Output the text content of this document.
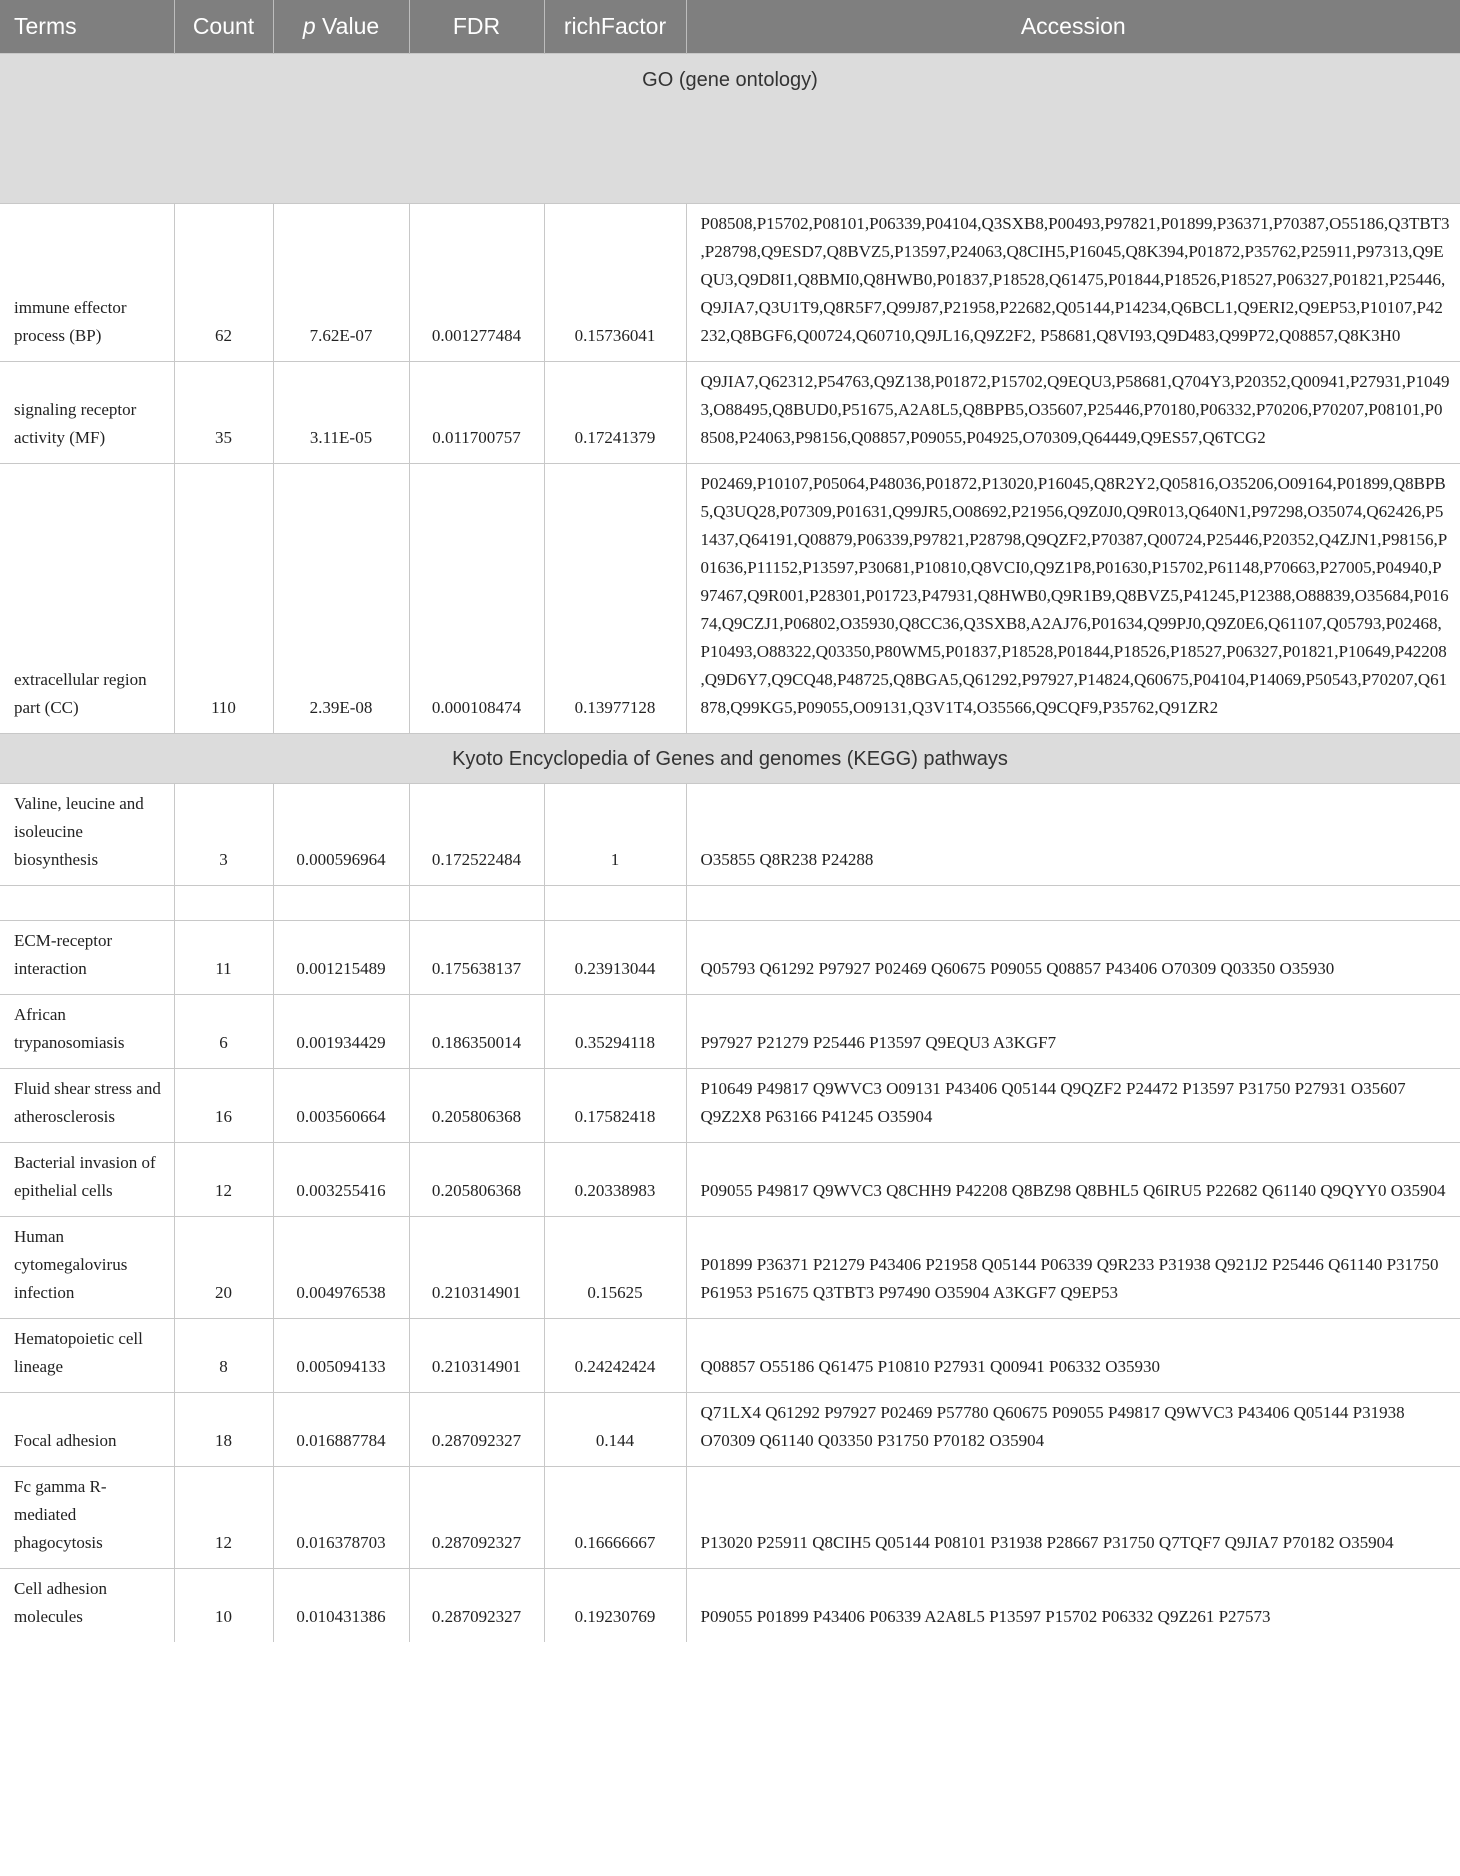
Terms	Count	p Value	FDR	richFactor	Accession
GO (gene ontology)					
immune effector process (BP)	62	7.62E-07	0.001277484	0.15736041	P08508,P15702,P08101,P06339,P04104,Q3SXB8,P00493,P97821,P01899,P36371,P70387,O55186,Q3TBT3,P28798,Q9ESD7,Q8BVZ5,P13597,P24063,Q8CIH5,P16045,Q8K394,P01872,P35762,P25911,P97313,Q9EQU3,Q9D8I1,Q8BMI0,Q8HWB0,P01837,P18528,Q61475,P01844,P18526,P18527,P06327,P01821,P25446,Q9JIA7,Q3U1T9,Q8R5F7,Q99J87,P21958,P22682,Q05144,P14234,Q6BCL1,Q9ERI2,Q9EP53,P10107,P42232,Q8BGF6,Q00724,Q60710,Q9JL16,Q9Z2F2, P58681,Q8VI93,Q9D483,Q99P72,Q08857,Q8K3H0
signaling receptor activity (MF)	35	3.11E-05	0.011700757	0.17241379	Q9JIA7,Q62312,P54763,Q9Z138,P01872,P15702,Q9EQU3,P58681,Q704Y3,P20352,Q00941,P27931,P10493,O88495,Q8BUD0,P51675,A2A8L5,Q8BPB5,O35607,P25446,P70180,P06332,P70206,P70207,P08101,P08508,P24063,P98156,Q08857,P09055,P04925,O70309,Q64449,Q9ES57,Q6TCG2
extracellular region part (CC)	110	2.39E-08	0.000108474	0.13977128	P02469,P10107,P05064,P48036,P01872,P13020,P16045,Q8R2Y2,Q05816,O35206,O09164,P01899,Q8BPB5,Q3UQ28,P07309,P01631,Q99JR5,O08692,P21956,Q9Z0J0,Q9R013,Q640N1,P97298,O35074,Q62426,P51437,Q64191,Q08879,P06339,P97821,P28798,Q9QZF2,P70387,Q00724,P25446,P20352,Q4ZJN1,P98156,P01636,P11152,P13597,P30681,P10810,Q8VCI0,Q9Z1P8,P01630,P15702,P61148,P70663,P27005,P04940,P97467,Q9R001,P28301,P01723,P47931,Q8HWB0,Q9R1B9,Q8BVZ5,P41245,P12388,O88839,O35684,P01674,Q9CZJ1,P06802,O35930,Q8CC36,Q3SXB8,A2AJ76,P01634,Q99PJ0,Q9Z0E6,Q61107,Q05793,P02468,P10493,O88322,Q03350,P80WM5,P01837,P18528,P01844,P18526,P18527,P06327,P01821,P10649,P42208,Q9D6Y7,Q9CQ48,P48725,Q8BGA5,Q61292,P97927,P14824,Q60675,P04104,P14069,P50543,P70207,Q61878,Q99KG5,P09055,O09131,Q3V1T4,O35566,Q9CQF9,P35762,Q91ZR2
Kyoto Encyclopedia of Genes and genomes (KEGG) pathways					
Valine, leucine and isoleucine biosynthesis	3	0.000596964	0.172522484	1	O35855 Q8R238 P24288

ECM-receptor interaction	11	0.001215489	0.175638137	0.23913044	Q05793 Q61292 P97927 P02469 Q60675 P09055 Q08857 P43406 O70309 Q03350 O35930
African trypanosomiasis	6	0.001934429	0.186350014	0.35294118	P97927 P21279 P25446 P13597 Q9EQU3 A3KGF7
Fluid shear stress and atherosclerosis	16	0.003560664	0.205806368	0.17582418	P10649 P49817 Q9WVC3 O09131 P43406 Q05144 Q9QZF2 P24472 P13597 P31750 P27931 O35607 Q9Z2X8 P63166 P41245 O35904
Bacterial invasion of epithelial cells	12	0.003255416	0.205806368	0.20338983	P09055 P49817 Q9WVC3 Q8CHH9 P42208 Q8BZ98 Q8BHL5 Q6IRU5 P22682 Q61140 Q9QYY0 O35904
Human cytomegalovirus infection	20	0.004976538	0.210314901	0.15625	P01899 P36371 P21279 P43406 P21958 Q05144 P06339 Q9R233 P31938 Q921J2 P25446 Q61140 P31750 P61953 P51675 Q3TBT3 P97490 O35904 A3KGF7 Q9EP53
Hematopoietic cell lineage	8	0.005094133	0.210314901	0.24242424	Q08857 O55186 Q61475 P10810 P27931 Q00941 P06332 O35930
Focal adhesion	18	0.016887784	0.287092327	0.144	Q71LX4 Q61292 P97927 P02469 P57780 Q60675 P09055 P49817 Q9WVC3 P43406 Q05144 P31938 O70309 Q61140 Q03350 P31750 P70182 O35904
Fc gamma R-mediated phagocytosis	12	0.016378703	0.287092327	0.16666667	P13020 P25911 Q8CIH5 Q05144 P08101 P31938 P28667 P31750 Q7TQF7 Q9JIA7 P70182 O35904
Cell adhesion molecules	10	0.010431386	0.287092327	0.19230769	P09055 P01899 P43406 P06339 A2A8L5 P13597 P15702 P06332 Q9Z261 P27573
